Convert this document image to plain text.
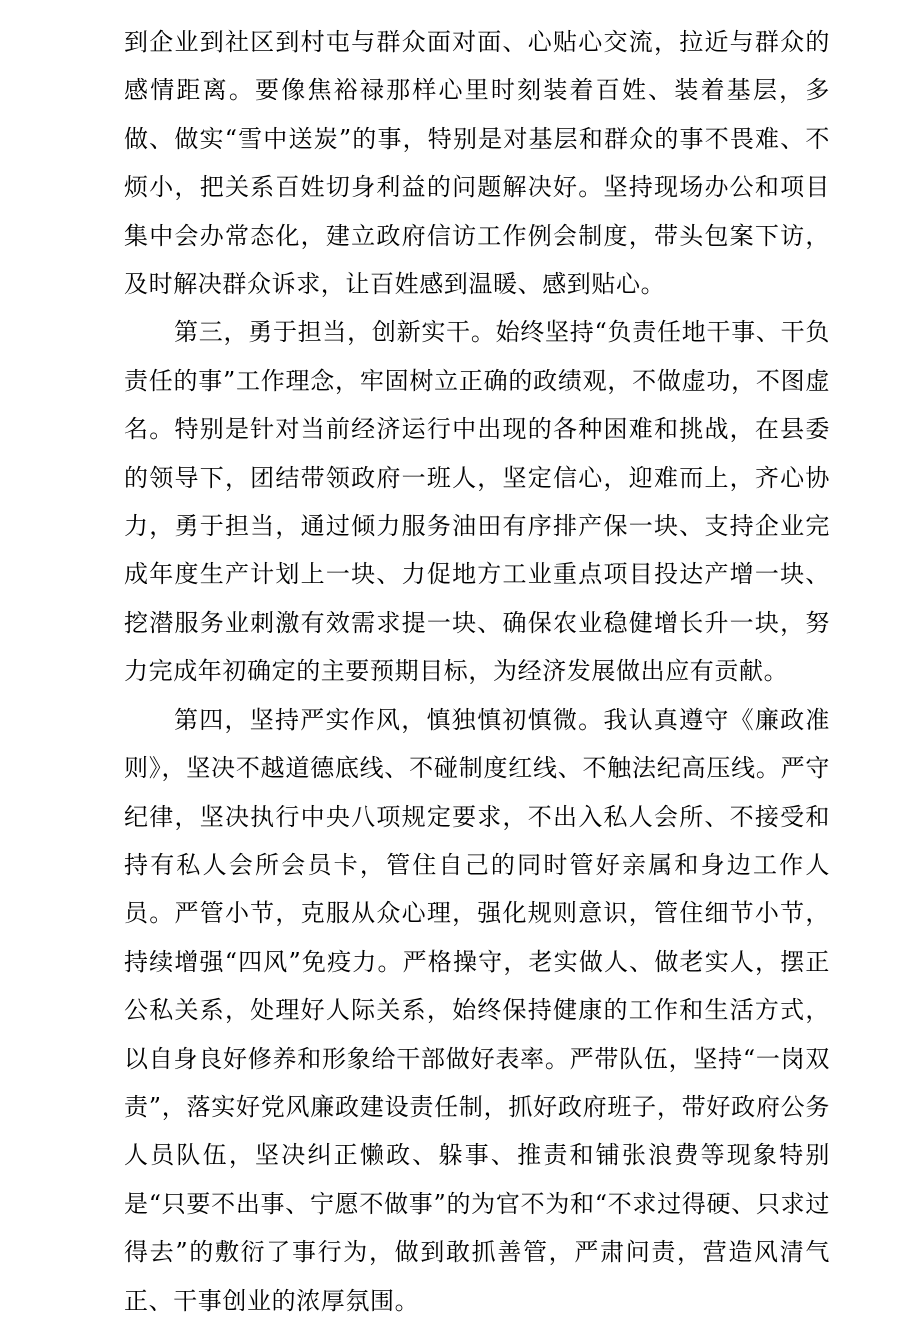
到企业到社区到村屯与群众面对面、心贴心交流，拉近与群众的感情距离。要像焦裕禄那样心里时刻装着百姓、装着基层，多做、做实“雪中送炭”的事，特别是对基层和群众的事不畏难、不烦小，把关系百姓切身利益的问题解决好。坚持现场办公和项目集中会办常态化，建立政府信访工作例会制度，带头包案下访，及时解决群众诉求，让百姓感到温暖、感到贴心。

第三，勇于担当，创新实干。始终坚持“负责任地干事、干负责任的事”工作理念，牢固树立正确的政绩观，不做虚功，不图虚名。特别是针对当前经济运行中出现的各种困难和挑战，在县委的领导下，团结带领政府一班人，坚定信心，迎难而上，齐心协力，勇于担当，通过倾力服务油田有序排产保一块、支持企业完成年度生产计划上一块、力促地方工业重点项目投达产增一块、挖潜服务业刺激有效需求提一块、确保农业稳健增长升一块，努力完成年初确定的主要预期目标，为经济发展做出应有贡献。

第四，坚持严实作风，慎独慎初慎微。我认真遵守《廉政准则》，坚决不越道德底线、不碰制度红线、不触法纪高压线。严守纪律，坚决执行中央八项规定要求，不出入私人会所、不接受和持有私人会所会员卡，管住自己的同时管好亲属和身边工作人员。严管小节，克服从众心理，强化规则意识，管住细节小节，持续增强“四风”免疫力。严格操守，老实做人、做老实人，摆正公私关系，处理好人际关系，始终保持健康的工作和生活方式，以自身良好修养和形象给干部做好表率。严带队伍，坚持“一岗双责”，落实好党风廉政建设责任制，抓好政府班子，带好政府公务人员队伍，坚决纠正懒政、躲事、推责和铺张浪费等现象特别是“只要不出事、宁愿不做事”的为官不为和“不求过得硬、只求过得去”的敷衍了事行为，做到敢抓善管，严肃问责，营造风清气正、干事创业的浓厚氛围。
